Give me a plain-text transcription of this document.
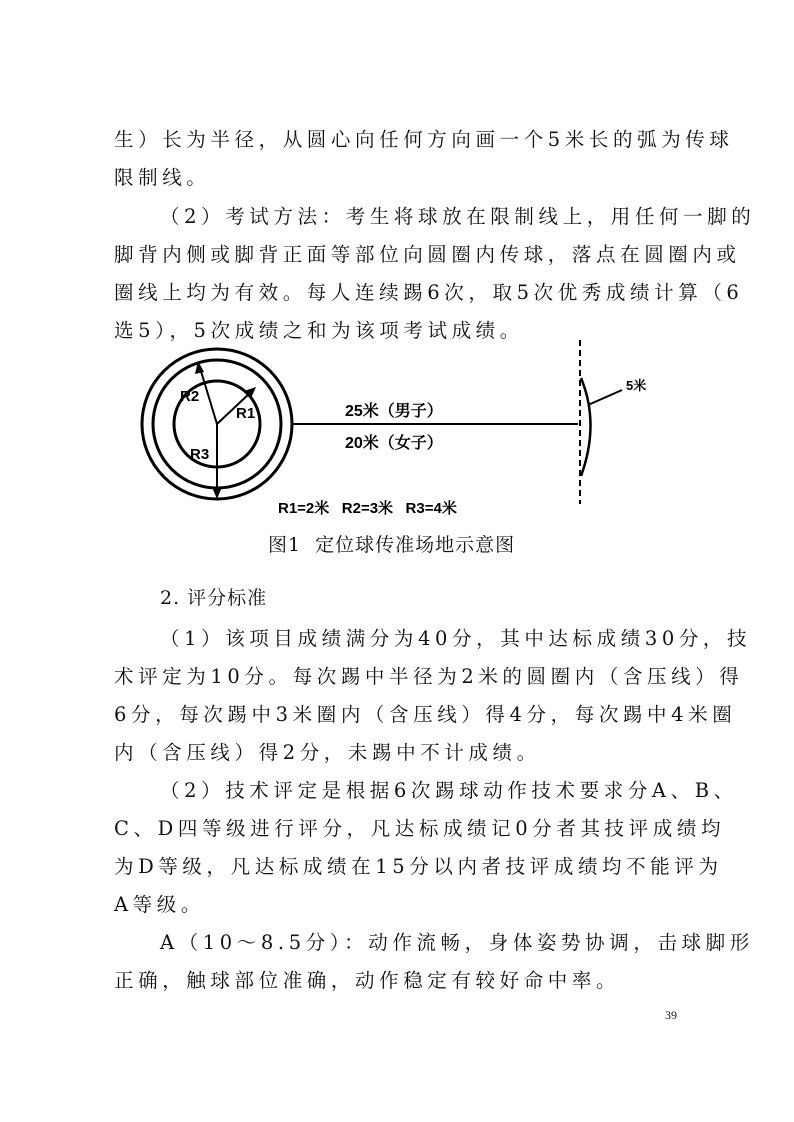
生）长为半径，从圆心向任何方向画一个5米长的弧为传球
限制线。
（2）考试方法：考生将球放在限制线上，用任何一脚的
脚背内侧或脚背正面等部位向圆圈内传球，落点在圆圈内或
圈线上均为有效。每人连续踢6次，取5次优秀成绩计算（6
选5），5次成绩之和为该项考试成绩。
R1
R2
R3
25米（男子）
20米（女子）
5米
R1=2米   R2=3米   R3=4米
图1 定位球传准场地示意图
2. 评分标准
（1）该项目成绩满分为40分，其中达标成绩30分，技
术评定为10分。每次踢中半径为2米的圆圈内（含压线）得
6分，每次踢中3米圈内（含压线）得4分，每次踢中4米圈
内（含压线）得2分，未踢中不计成绩。
（2）技术评定是根据6次踢球动作技术要求分A、B、
C、D四等级进行评分，凡达标成绩记0分者其技评成绩均
为D等级，凡达标成绩在15分以内者技评成绩均不能评为
A等级。
A（10～8.5分）：动作流畅，身体姿势协调，击球脚形
正确，触球部位准确，动作稳定有较好命中率。
39
